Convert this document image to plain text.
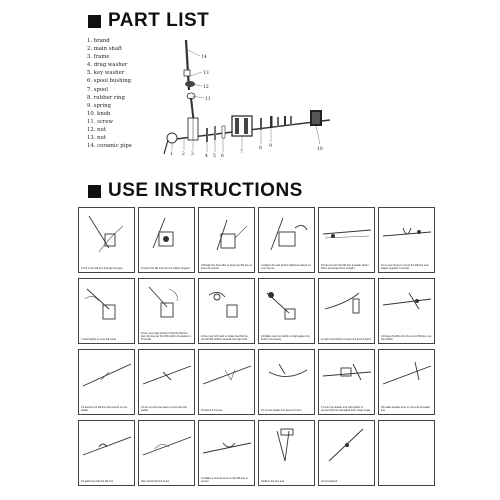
PART LIST
1. brand
2. main shaft
3. frame
4. drag washer
5. key washer
6. spool bushing
7. spool
8. rubber ring
9. spring
10. knob
11. screw
12. nut
13. nut
14. ceramic pipe
14
13
12
11
1 2 3 4 5 6
7
8 9
10
USE INSTRUCTIONS
1.Put in the PE line through the pipe	2.Insert the PE line into the rubber stopper
3.Rotate the line roller to keep the PE line at least 20 rounds
4.Adjust the side knob's tightness based on your line tie
5.Pull out both the PE line & leader about 30cm and keep them straight
6.Let your finger to round the PE line and leader together 5 rounds
7.Hold tightly so your left hand
8.Use your right hand to hold the PE line, spin the line per the PR bobbin clockwise 4-5 rounds
9.Use your left hand to rotate the PE line, put the PR bobbin towards the right side
10.Make sure the bobbin is tight,adjust the knob if necessary	11.Spin the bobbin to trace the knot 8-12cm
12.Keep 20-25cm for the end of PE line, put the bobbin
13.Secure the PE line with a knot on the leader
14.Go up and one down to knot with the leader	15.about 4-5 times	16.cut the leader line,keep 0.2-3cm
17.burn the leader end with lighter to prevent PE line damaged from sharp angle
18.make another knot on the end of leader line
19.add knot with the PE line	20.it should be 5-8 times
21.Make a reverse knot on the PE line to secure	22.Burn the line end	23.Completed
